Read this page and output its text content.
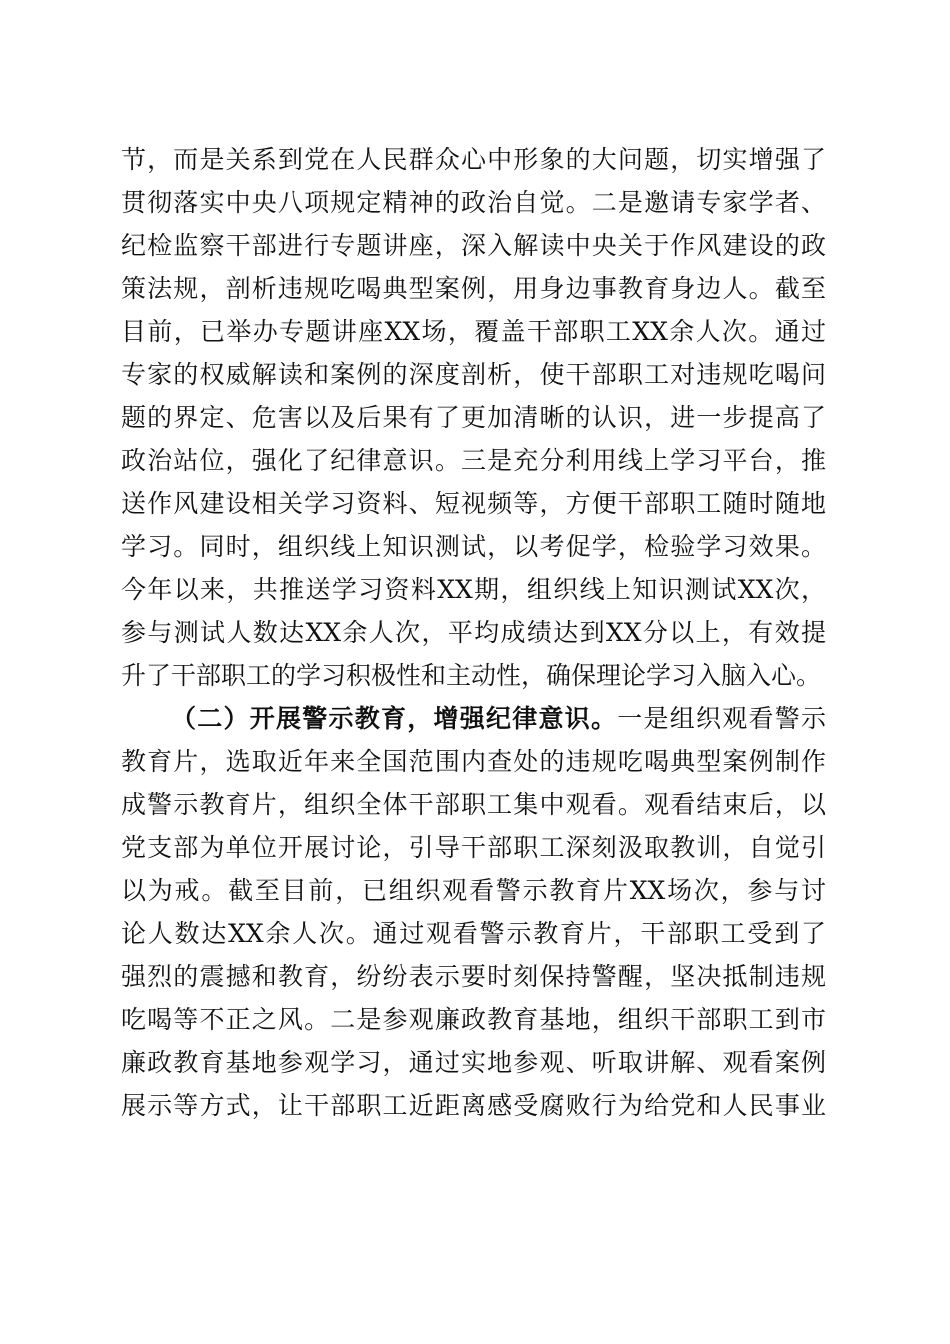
节，而是关系到党在人民群众心中形象的大问题，切实增强了
贯彻落实中央八项规定精神的政治自觉。二是邀请专家学者、
纪检监察干部进行专题讲座，深入解读中央关于作风建设的政
策法规，剖析违规吃喝典型案例，用身边事教育身边人。截至
目前，已举办专题讲座XX场，覆盖干部职工XX余人次。通过
专家的权威解读和案例的深度剖析，使干部职工对违规吃喝问
题的界定、危害以及后果有了更加清晰的认识，进一步提高了
政治站位，强化了纪律意识。三是充分利用线上学习平台，推
送作风建设相关学习资料、短视频等，方便干部职工随时随地
学习。同时，组织线上知识测试，以考促学，检验学习效果。
今年以来，共推送学习资料XX期，组织线上知识测试XX次，
参与测试人数达XX余人次，平均成绩达到XX分以上，有效提
升了干部职工的学习积极性和主动性，确保理论学习入脑入心。
（二）开展警示教育，增强纪律意识。一是组织观看警示
教育片，选取近年来全国范围内查处的违规吃喝典型案例制作
成警示教育片，组织全体干部职工集中观看。观看结束后，以
党支部为单位开展讨论，引导干部职工深刻汲取教训，自觉引
以为戒。截至目前，已组织观看警示教育片XX场次，参与讨
论人数达XX余人次。通过观看警示教育片，干部职工受到了
强烈的震撼和教育，纷纷表示要时刻保持警醒，坚决抵制违规
吃喝等不正之风。二是参观廉政教育基地，组织干部职工到市
廉政教育基地参观学习，通过实地参观、听取讲解、观看案例
展示等方式，让干部职工近距离感受腐败行为给党和人民事业
